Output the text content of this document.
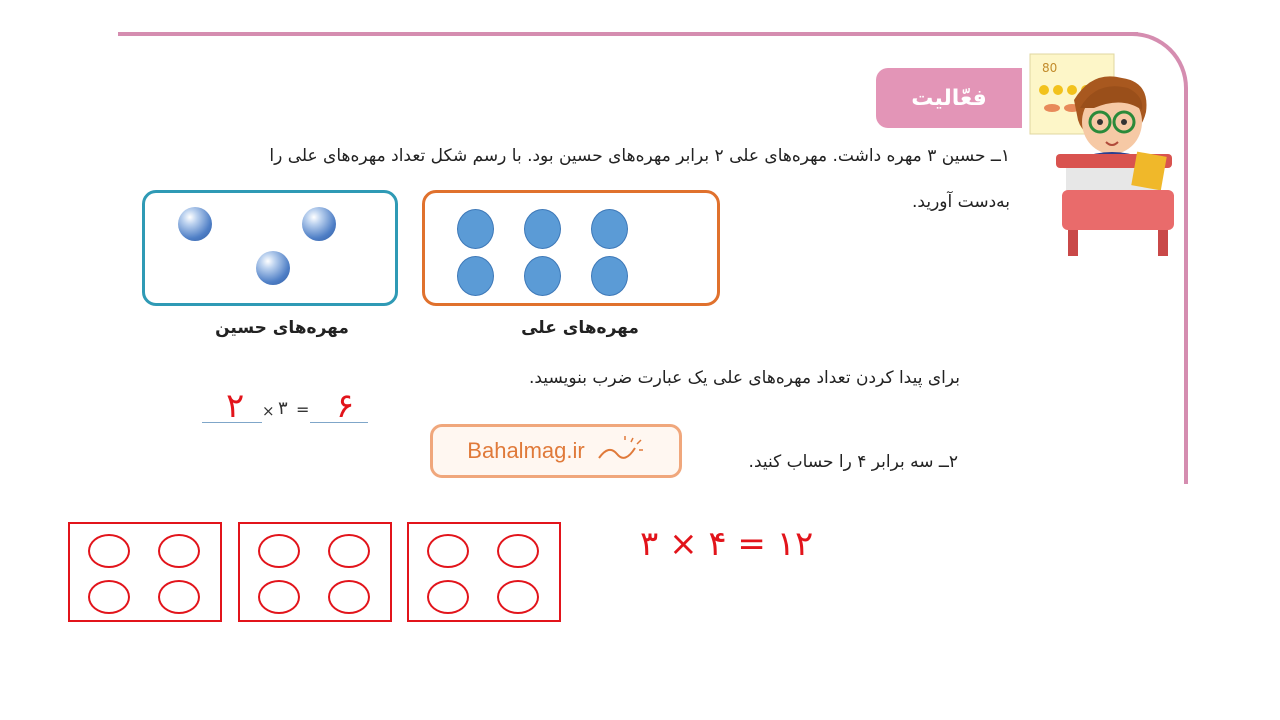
فعّالیت
80
۱ــ حسین ۳ مهره داشت. مهره‌های علی ۲ برابر مهره‌های حسین بود. با رسم شکل تعداد مهره‌های علی را
به‌دست آورید.
مهره‌های حسین	مهره‌های علی
برای پیدا کردن تعداد مهره‌های علی یک عبارت ضرب بنویسید.
۲ × ۳ = ۶
Bahalmag.ir	۲ــ سه برابر ۴ را حساب کنید.
۳ × ۴ = ۱۲
